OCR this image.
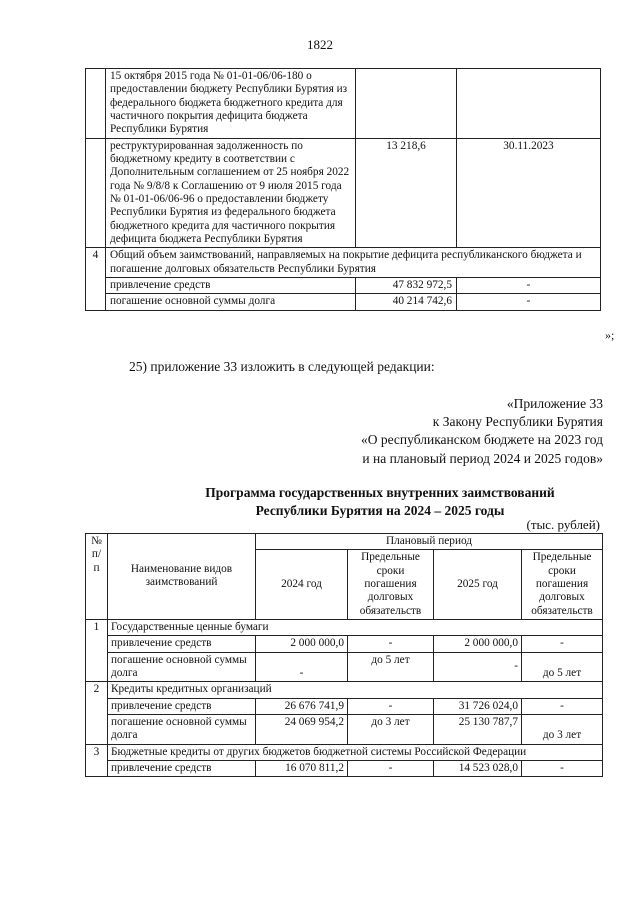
1822
	15 октября 2015 года № 01-01-06/06-180 о предоставлении бюджету Республики Бурятия из федерального бюджета бюджетного кредита для частичного покрытия дефицита бюджета Республики Бурятия		
	реструктурированная задолженность по бюджетному кредиту в соответствии с Дополнительным соглашением от 25 ноября 2022 года № 9/8/8 к Соглашению от 9 июля 2015 года № 01-01-06/06-96 о предоставлении бюджету Республики Бурятия из федерального бюджета бюджетного кредита для частичного покрытия дефицита бюджета Республики Бурятия	13 218,6	30.11.2023
4	Общий объем заимствований, направляемых на покрытие дефицита республиканского бюджета и погашение долговых обязательств Республики Бурятия		
	привлечение средств	47 832 972,5	-
	погашение основной суммы долга	40 214 742,6	-
»;
25) приложение 33 изложить в следующей редакции:
«Приложение 33
к Закону Республики Бурятия
«О республиканском бюджете на 2023 год
и на плановый период 2024 и 2025 годов»
Программа государственных внутренних заимствований
Республики Бурятия на 2024 – 2025 годы
(тыс. рублей)
№ п/п	Наименование видов заимствований	Плановый период			
		2024 год	Предельные сроки погашения долговых обязательств	2025 год	Предельные сроки погашения долговых обязательств
1	Государственные ценные бумаги				
	привлечение средств	2 000 000,0	-	2 000 000,0	-
	погашение основной суммы долга	-	до 5 лет	-	до 5 лет
2	Кредиты кредитных организаций				
	привлечение средств	26 676 741,9	-	31 726 024,0	-
	погашение основной суммы долга	24 069 954,2	до 3 лет	25 130 787,7	до 3 лет
3	Бюджетные кредиты от других бюджетов бюджетной системы Российской Федерации				
	привлечение средств	16 070 811,2	-	14 523 028,0	-
